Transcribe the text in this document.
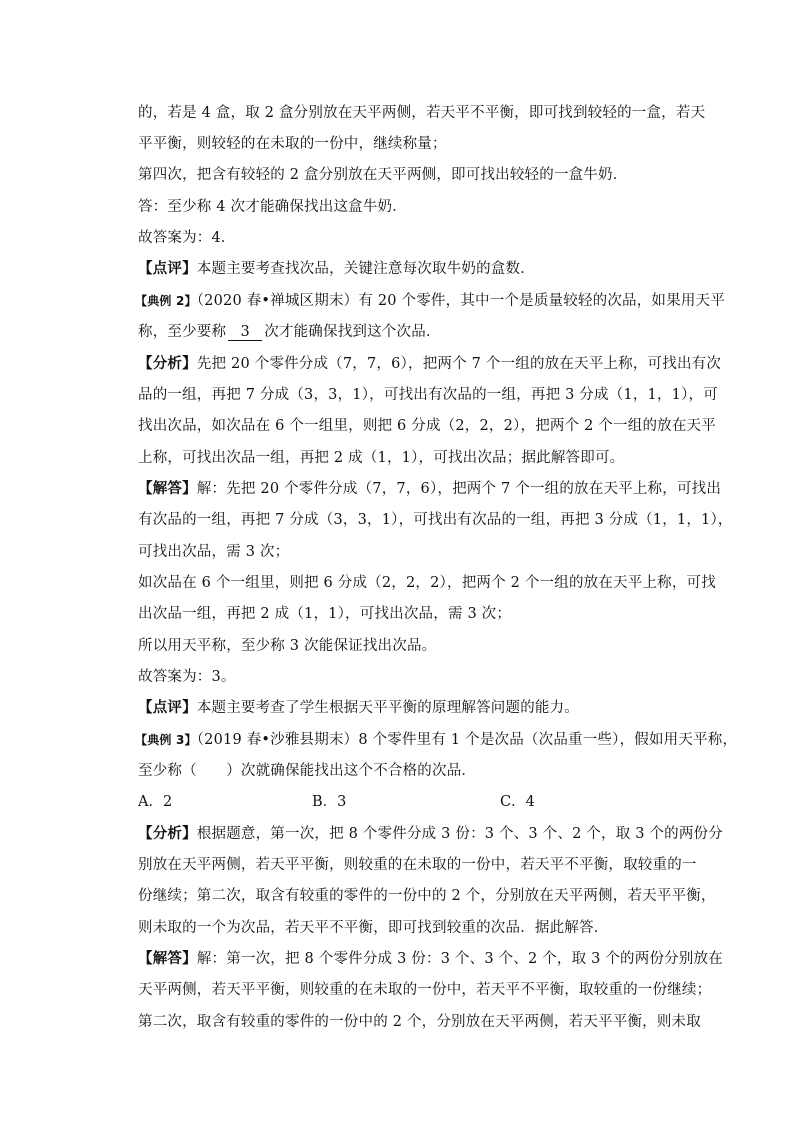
的，若是 4 盒，取 2 盒分别放在天平两侧，若天平不平衡，即可找到较轻的一盒，若天
平平衡，则较轻的在未取的一份中，继续称量；
第四次，把含有较轻的 2 盒分别放在天平两侧，即可找出较轻的一盒牛奶．
答：至少称 4 次才能确保找出这盒牛奶．
故答案为：4．
【点评】本题主要考查找次品，关键注意每次取牛奶的盒数．
【典例 2】（2020 春•禅城区期末）有 20 个零件，其中一个是质量较轻的次品，如果用天平
称，至少要称 3 次才能确保找到这个次品．
【分析】先把 20 个零件分成（7，7，6），把两个 7 个一组的放在天平上称，可找出有次
品的一组，再把 7 分成（3，3，1），可找出有次品的一组，再把 3 分成（1，1，1），可
找出次品，如次品在 6 个一组里，则把 6 分成（2，2，2），把两个 2 个一组的放在天平
上称，可找出次品一组，再把 2 成（1，1），可找出次品；据此解答即可。
【解答】解：先把 20 个零件分成（7，7，6），把两个 7 个一组的放在天平上称，可找出
有次品的一组，再把 7 分成（3，3，1），可找出有次品的一组，再把 3 分成（1，1，1），
可找出次品，需 3 次；
如次品在 6 个一组里，则把 6 分成（2，2，2），把两个 2 个一组的放在天平上称，可找
出次品一组，再把 2 成（1，1），可找出次品，需 3 次；
所以用天平称，至少称 3 次能保证找出次品。
故答案为：3。
【点评】本题主要考查了学生根据天平平衡的原理解答问题的能力。
【典例 3】（2019 春•沙雅县期末）8 个零件里有 1 个是次品（次品重一些），假如用天平称，
至少称（　　）次就确保能找出这个不合格的次品．
A．2	B．3	C．4
【分析】根据题意，第一次，把 8 个零件分成 3 份：3 个、3 个、2 个，取 3 个的两份分
别放在天平两侧，若天平平衡，则较重的在未取的一份中，若天平不平衡，取较重的一
份继续；第二次，取含有较重的零件的一份中的 2 个，分别放在天平两侧，若天平平衡，
则未取的一个为次品，若天平不平衡，即可找到较重的次品．据此解答．
【解答】解：第一次，把 8 个零件分成 3 份：3 个、3 个、2 个，取 3 个的两份分别放在
天平两侧，若天平平衡，则较重的在未取的一份中，若天平不平衡，取较重的一份继续；
第二次，取含有较重的零件的一份中的 2 个，分别放在天平两侧，若天平平衡，则未取
